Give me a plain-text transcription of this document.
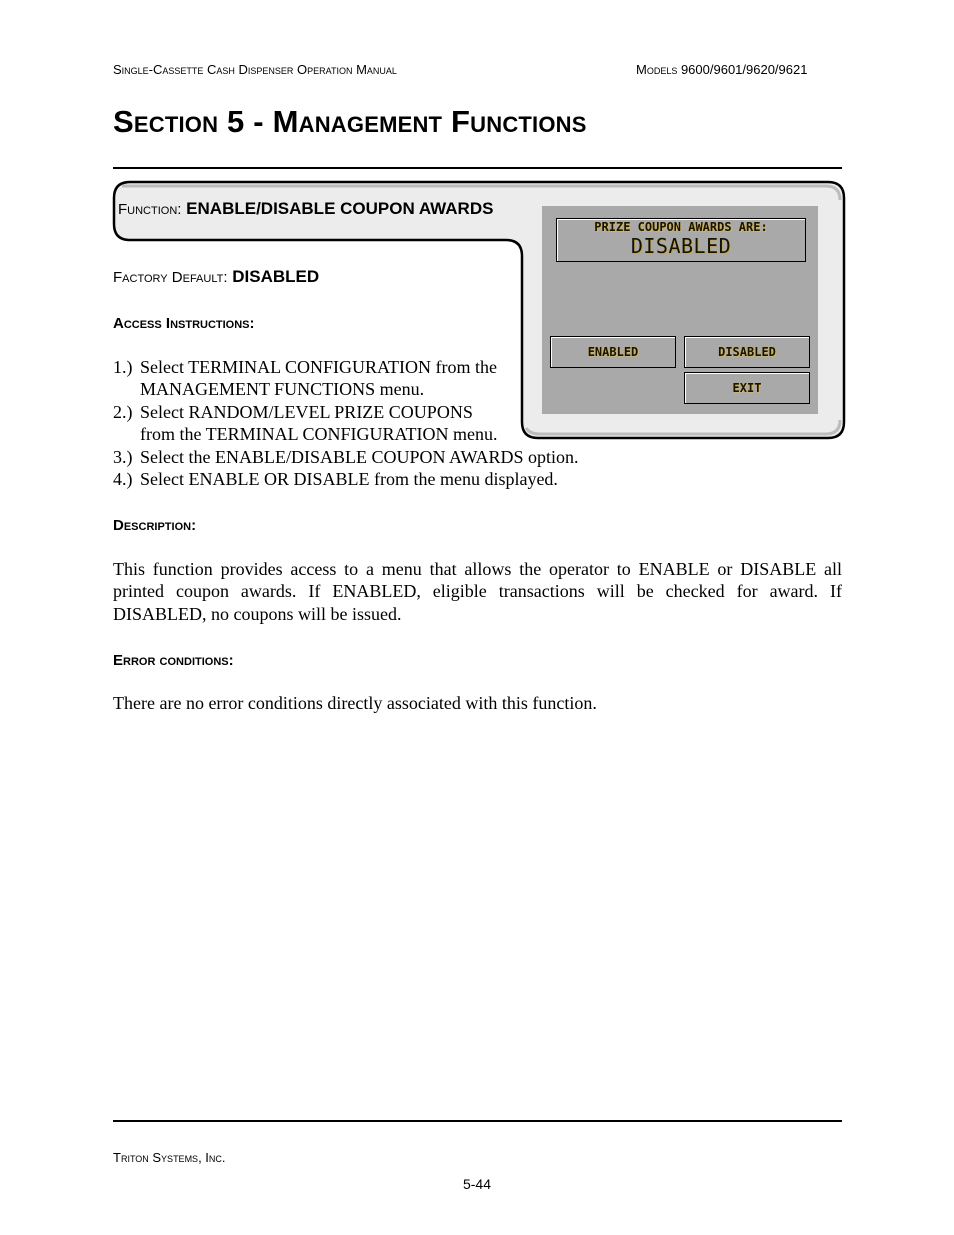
Single-Cassette Cash Dispenser Operation Manual	Models 9600/9601/9620/9621
Section 5 - Management Functions
Function: ENABLE/DISABLE COUPON AWARDS
PRIZE COUPON AWARDS ARE:
DISABLED
ENABLED	DISABLED
EXIT
Factory Default: DISABLED
Access Instructions:
1.) Select TERMINAL CONFIGURATION from the
MANAGEMENT FUNCTIONS menu.
2.) Select RANDOM/LEVEL PRIZE COUPONS
from the TERMINAL CONFIGURATION menu.
3.) Select the ENABLE/DISABLE COUPON AWARDS option.
4.) Select ENABLE OR DISABLE from the menu displayed.
Description:
This function provides access to a menu that allows the operator to ENABLE or DISABLE all printed coupon awards. If ENABLED, eligible transactions will be checked for award. If DISABLED, no coupons will be issued.
Error conditions:
There are no error conditions directly associated with this function.
Triton Systems, Inc.
5-44
